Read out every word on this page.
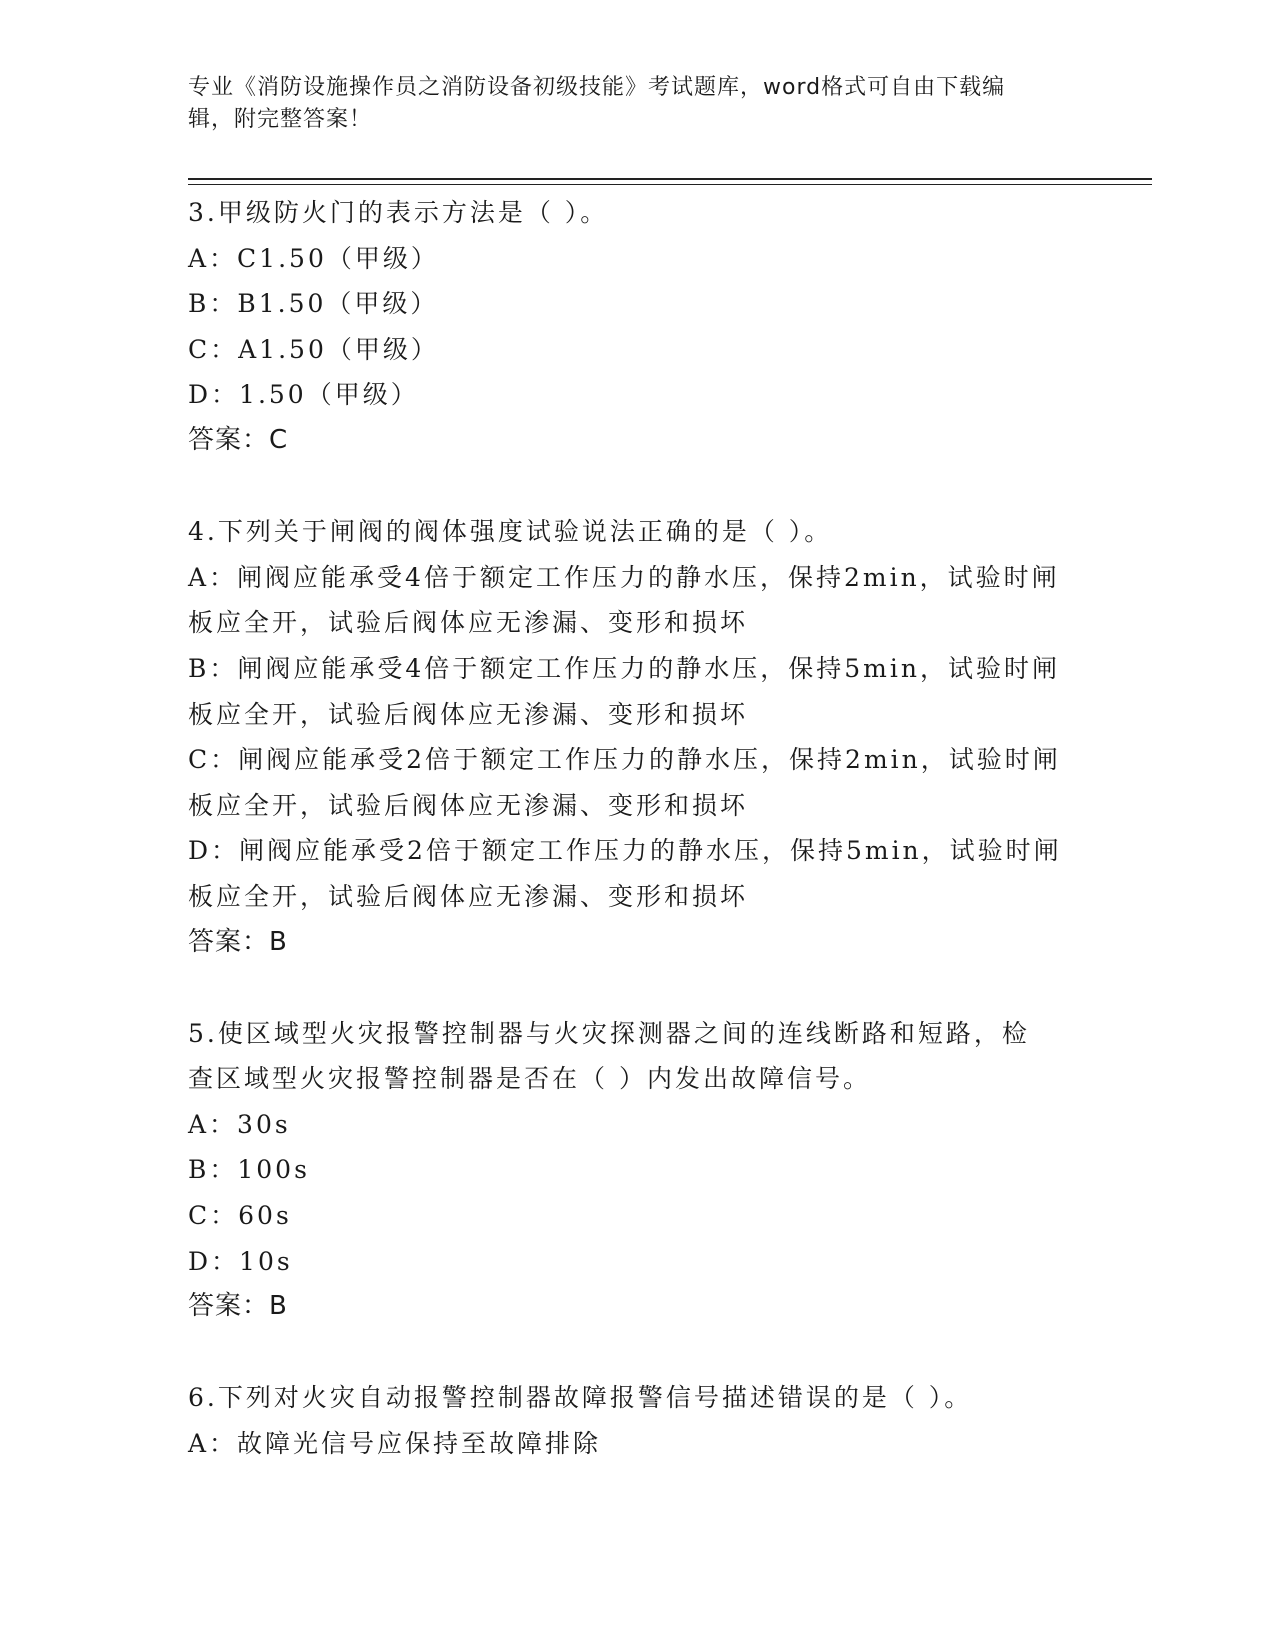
专业《消防设施操作员之消防设备初级技能》考试题库，word格式可自由下载编
辑，附完整答案！
3.甲级防火门的表示方法是（ ）。
A：C1.50（甲级）
B：B1.50（甲级）
C：A1.50（甲级）
D：1.50（甲级）
答案：C
4.下列关于闸阀的阀体强度试验说法正确的是（ ）。
A：闸阀应能承受4倍于额定工作压力的静水压，保持2min，试验时闸
板应全开，试验后阀体应无渗漏、变形和损坏
B：闸阀应能承受4倍于额定工作压力的静水压，保持5min，试验时闸
板应全开，试验后阀体应无渗漏、变形和损坏
C：闸阀应能承受2倍于额定工作压力的静水压，保持2min，试验时闸
板应全开，试验后阀体应无渗漏、变形和损坏
D：闸阀应能承受2倍于额定工作压力的静水压，保持5min，试验时闸
板应全开，试验后阀体应无渗漏、变形和损坏
答案：B
5.使区域型火灾报警控制器与火灾探测器之间的连线断路和短路，检
查区域型火灾报警控制器是否在（ ）内发出故障信号。
A：30s
B：100s
C：60s
D：10s
答案：B
6.下列对火灾自动报警控制器故障报警信号描述错误的是（ ）。
A：故障光信号应保持至故障排除
